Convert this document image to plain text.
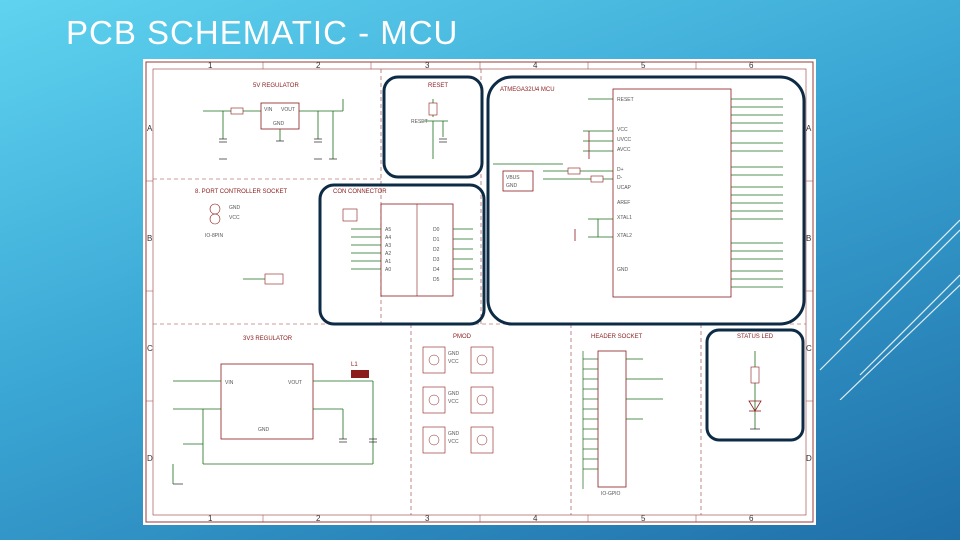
PCB SCHEMATIC - MCU
1	2	3	4	5	6
1	2	3	4	5	6
A
B
C
D
A
B
C
D
5V REGULATOR
VIN VOUT
GND
RESET
RESET
8. PORT CONTROLLER SOCKET
GND
VCC
IO-8PIN
CON CONNECTOR
A5
A4
A3
A2
A1
A0
D0
D1
D2
D3
D4
D5
ATMEGA32U4 MCU
RESET
VCC
UVCC
AVCC
D+
D-
UCAP
AREF
XTAL1
XTAL2
GND
VBUS
GND
3V3 REGULATOR
VIN	VOUT
GND
L1
PMOD
GND
VCC
GND
VCC
GND
VCC
HEADER SOCKET
IO-GPIO
STATUS LED
